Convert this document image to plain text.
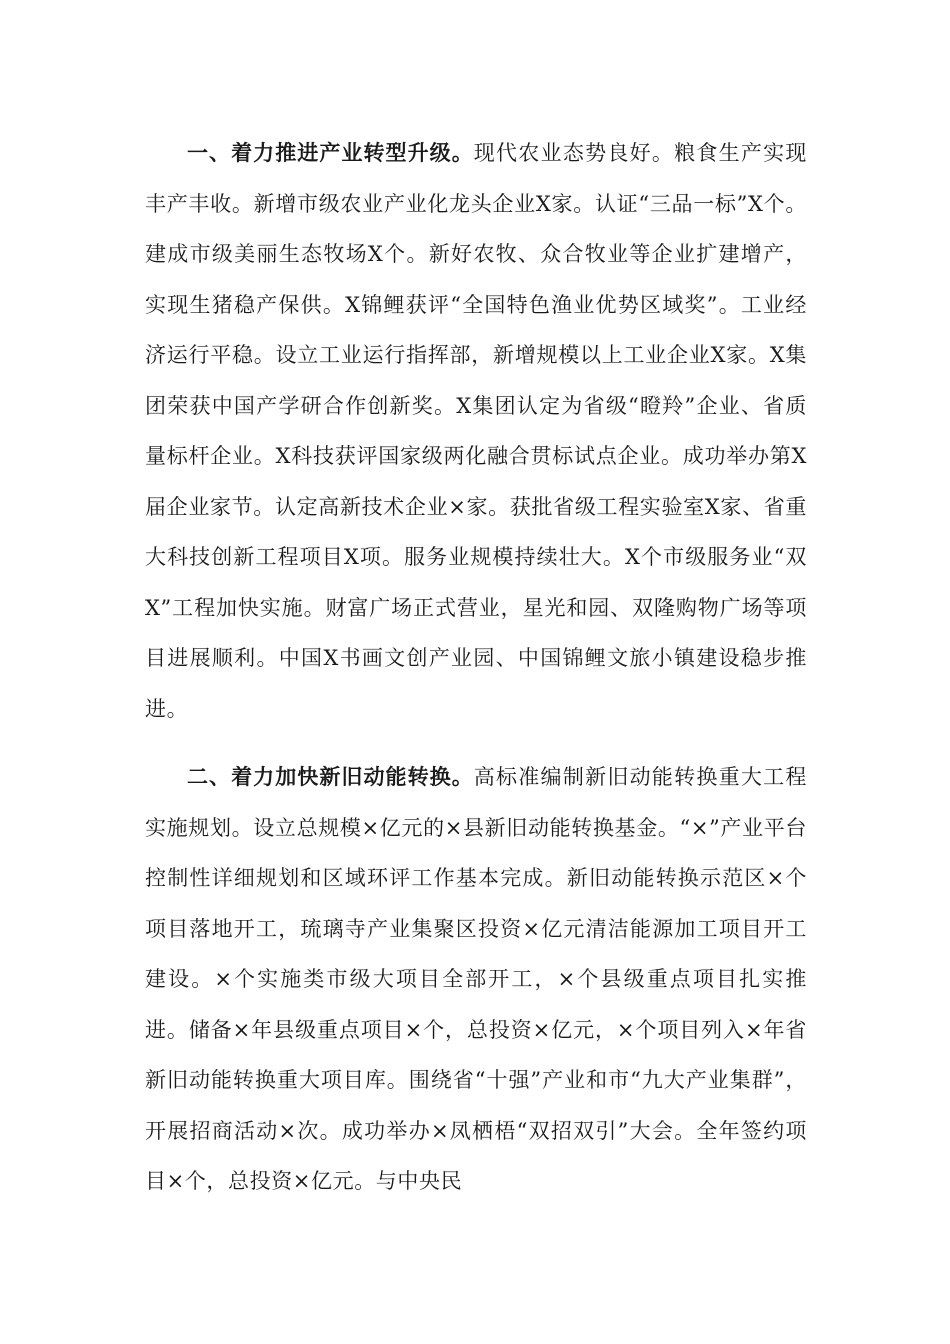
一、着力推进产业转型升级。现代农业态势良好。粮食生产实现丰产丰收。新增市级农业产业化龙头企业X家。认证“三品一标”X个。建成市级美丽生态牧场X个。新好农牧、众合牧业等企业扩建增产，实现生猪稳产保供。X锦鲤获评“全国特色渔业优势区域奖”。工业经济运行平稳。设立工业运行指挥部，新增规模以上工业企业X家。X集团荣获中国产学研合作创新奖。X集团认定为省级“瞪羚”企业、省质量标杆企业。X科技获评国家级两化融合贯标试点企业。成功举办第X届企业家节。认定高新技术企业×家。获批省级工程实验室X家、省重大科技创新工程项目X项。服务业规模持续壮大。X个市级服务业“双X”工程加快实施。财富广场正式营业，星光和园、双隆购物广场等项目进展顺利。中国X书画文创产业园、中国锦鲤文旅小镇建设稳步推进。

二、着力加快新旧动能转换。高标准编制新旧动能转换重大工程实施规划。设立总规模×亿元的×县新旧动能转换基金。“×”产业平台控制性详细规划和区域环评工作基本完成。新旧动能转换示范区×个项目落地开工，琉璃寺产业集聚区投资×亿元清洁能源加工项目开工建设。×个实施类市级大项目全部开工，×个县级重点项目扎实推进。储备×年县级重点项目×个，总投资×亿元，×个项目列入×年省新旧动能转换重大项目库。围绕省“十强”产业和市“九大产业集群”，开展招商活动×次。成功举办×凤栖梧“双招双引”大会。全年签约项目×个，总投资×亿元。与中央民
